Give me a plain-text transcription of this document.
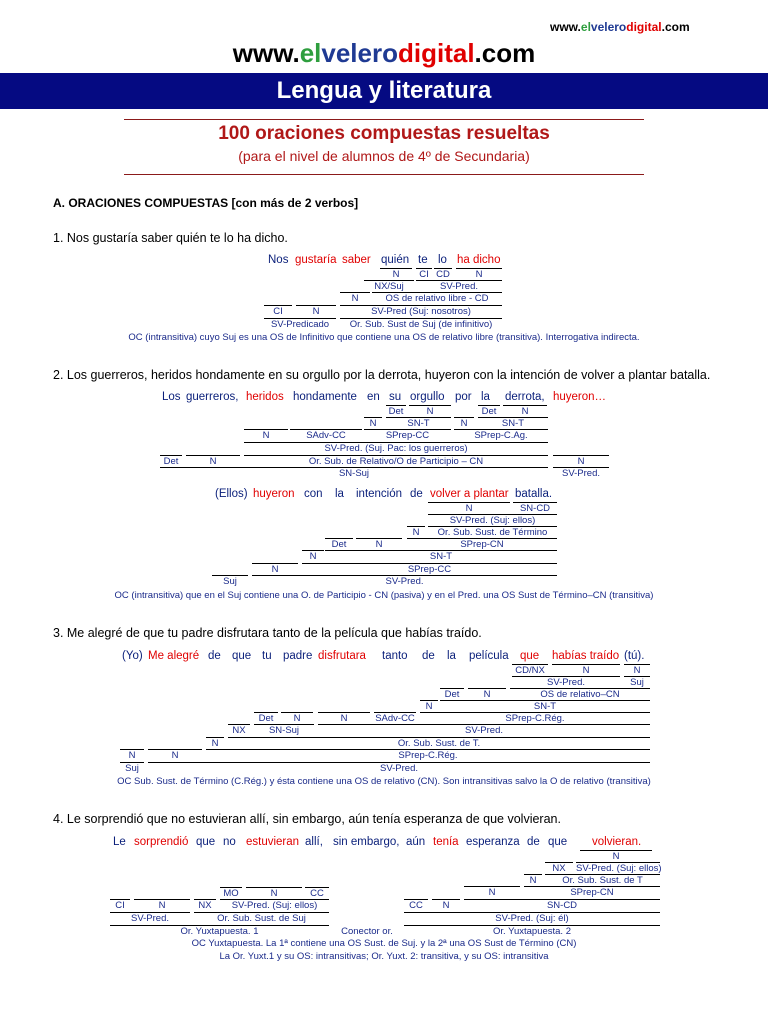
www.elvelerodigital.com
www.elvelerodigital.com
Lengua y literatura
100 oraciones compuestas resueltas
(para el nivel de alumnos de 4º de Secundaria)
A. ORACIONES COMPUESTAS [con más de 2 verbos]
1. Nos gustaría saber quién te lo ha dicho.
Nos gustaría saber quién te lo ha dicho
N	CI CD	N
NX/Suj	SV-Pred.
N	OS de relativo libre - CD
CI	N	SV-Pred (Suj: nosotros)
SV-Predicado	Or. Sub. Sust de Suj (de infinitivo)
OC (intransitiva) cuyo Suj es una OS de Infinitivo que contiene una OS de relativo libre (transitiva). Interrogativa indirecta.
2. Los guerreros, heridos hondamente en su orgullo por la derrota, huyeron con la intención de volver a plantar batalla.
Los guerreros, heridos hondamente en su orgullo por la derrota, huyeron…
Det	N	Det	N
N	SN-T	N	SN-T
N	SAdv-CC	SPrep-CC	SPrep-C.Ag.
SV-Pred. (Suj. Pac: los guerreros)
Det	N	Or. Sub. de Relativo/O de Participio – CN	N
SN-Suj	SV-Pred.
(Ellos) huyeron con la intención de volver a plantar batalla.
N	SN-CD
SV-Pred. (Suj: ellos)
N	Or. Sub. Sust. de Término
Det	N	SPrep-CN
N	SN-T
N	SPrep-CC
Suj	SV-Pred.
OC (intransitiva) que en el Suj contiene una O. de Participio - CN (pasiva) y en el Pred. una OS Sust de Término–CN (transitiva)
3. Me alegré de que tu padre disfrutara tanto de la película que habías traído.
(Yo) Me alegré de que tu padre disfrutara tanto de la película que habías traído (tú).
CD/NX	N	N
SV-Pred.	Suj
Det	N	OS de relativo–CN
N	SN-T
Det	N	N	SAdv-CC	SPrep-C.Rég.
NX	SN-Suj	SV-Pred.
N	Or. Sub. Sust. de T.
N	N	SPrep-C.Rég.
Suj	SV-Pred.
OC Sub. Sust. de Término (C.Rég.) y ésta contiene una OS de relativo (CN). Son intransitivas salvo la O de relativo (transitiva)
4. Le sorprendió que no estuvieran allí, sin embargo, aún tenía esperanza de que volvieran.
Le sorprendió que no estuvieran allí, sin embargo, aún tenía esperanza de que volvieran.
N
NX	SV-Pred. (Suj: ellos)
N	Or. Sub. Sust. de T
N	SPrep-CN
MO	N	CC
CI	N	NX	SV-Pred. (Suj: ellos)	CC	N	SN-CD
SV-Pred.	Or. Sub. Sust. de Suj	SV-Pred. (Suj: él)
Or. Yuxtapuesta. 1	Conector or.	Or. Yuxtapuesta. 2
OC Yuxtapuesta. La 1ª contiene una OS Sust. de Suj. y la 2ª una OS Sust de Término (CN)
La Or. Yuxt.1 y su OS: intransitivas; Or. Yuxt. 2: transitiva, y su OS: intransitiva
